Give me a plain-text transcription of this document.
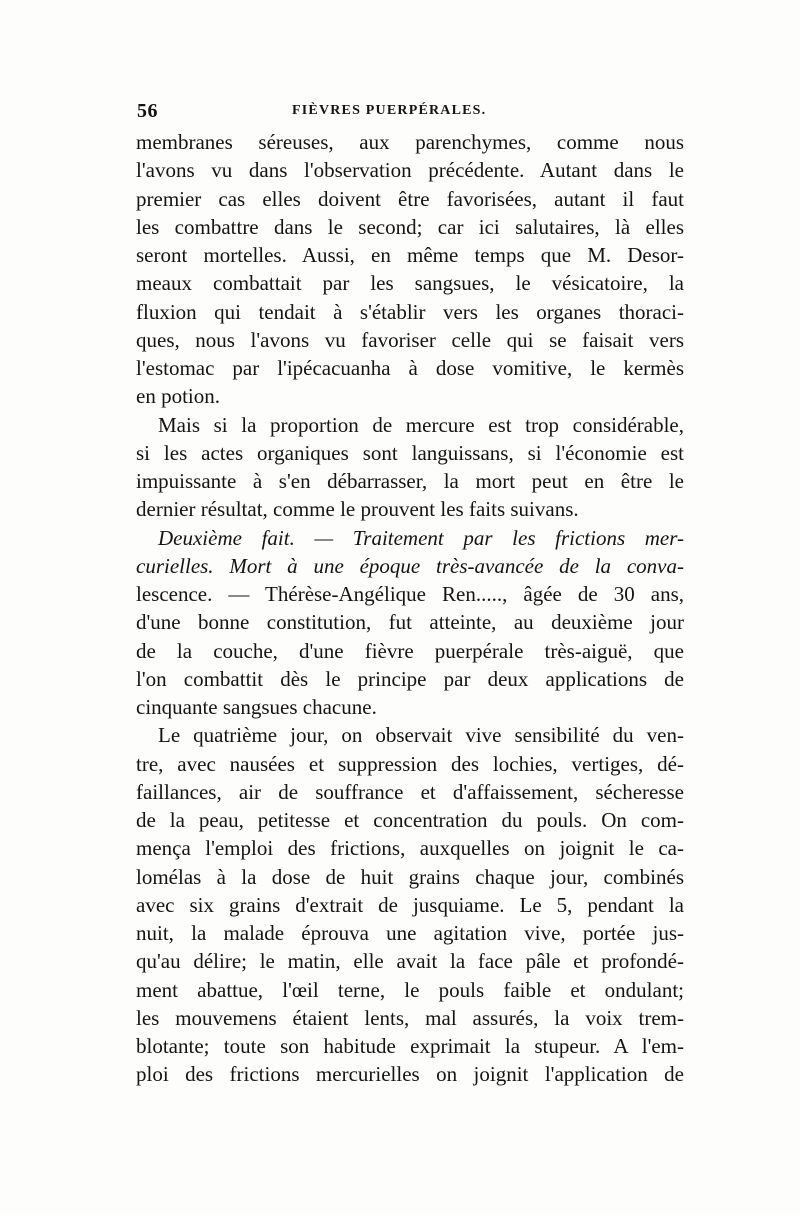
56	FIÈVRES PUERPÉRALES.
membranes séreuses, aux parenchymes, comme nous
l'avons vu dans l'observation précédente. Autant dans le
premier cas elles doivent être favorisées, autant il faut
les combattre dans le second; car ici salutaires, là elles
seront mortelles. Aussi, en même temps que M. Desor-
meaux combattait par les sangsues, le vésicatoire, la
fluxion qui tendait à s'établir vers les organes thoraci-
ques, nous l'avons vu favoriser celle qui se faisait vers
l'estomac par l'ipécacuanha à dose vomitive, le kermès
en potion.
Mais si la proportion de mercure est trop considérable,
si les actes organiques sont languissans, si l'économie est
impuissante à s'en débarrasser, la mort peut en être le
dernier résultat, comme le prouvent les faits suivans.
Deuxième fait. — Traitement par les frictions mer-
curielles. Mort à une époque très-avancée de la conva-
lescence. — Thérèse-Angélique Ren....., âgée de 30 ans,
d'une bonne constitution, fut atteinte, au deuxième jour
de la couche, d'une fièvre puerpérale très-aiguë, que
l'on combattit dès le principe par deux applications de
cinquante sangsues chacune.
Le quatrième jour, on observait vive sensibilité du ven-
tre, avec nausées et suppression des lochies, vertiges, dé-
faillances, air de souffrance et d'affaissement, sécheresse
de la peau, petitesse et concentration du pouls. On com-
mença l'emploi des frictions, auxquelles on joignit le ca-
lomélas à la dose de huit grains chaque jour, combinés
avec six grains d'extrait de jusquiame. Le 5, pendant la
nuit, la malade éprouva une agitation vive, portée jus-
qu'au délire; le matin, elle avait la face pâle et profondé-
ment abattue, l'œil terne, le pouls faible et ondulant;
les mouvemens étaient lents, mal assurés, la voix trem-
blotante; toute son habitude exprimait la stupeur. A l'em-
ploi des frictions mercurielles on joignit l'application de
